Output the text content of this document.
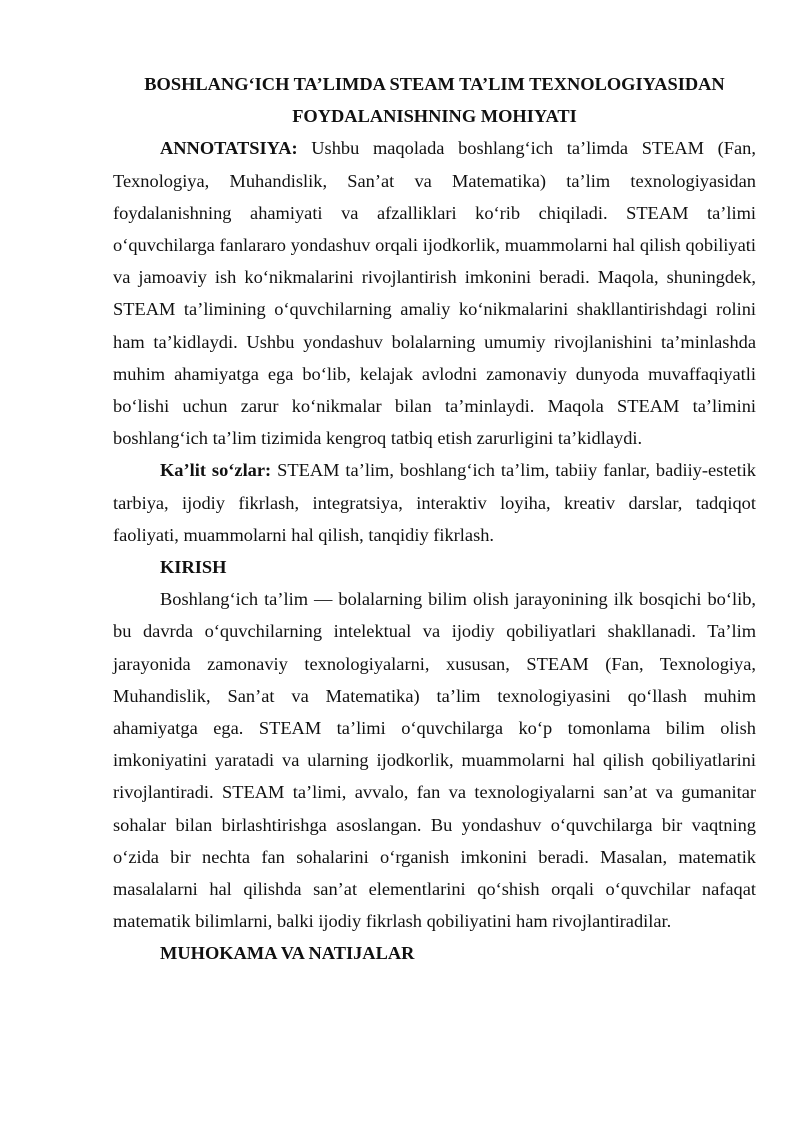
BOSHLANG‘ICH TA’LIMDA STEAM TA’LIM TEXNOLOGIYASIDAN
FOYDALANISHNING MOHIYATI

ANNOTATSIYA: Ushbu maqolada boshlang‘ich ta’limda STEAM (Fan, Texnologiya, Muhandislik, San’at va Matematika) ta’lim texnologiyasidan foydalanishning ahamiyati va afzalliklari ko‘rib chiqiladi. STEAM ta’limi o‘quvchilarga fanlararo yondashuv orqali ijodkorlik, muammolarni hal qilish qobiliyati va jamoaviy ish ko‘nikmalarini rivojlantirish imkonini beradi. Maqola, shuningdek, STEAM ta’limining o‘quvchilarning amaliy ko‘nikmalarini shakllantirishdagi rolini ham ta’kidlaydi. Ushbu yondashuv bolalarning umumiy rivojlanishini ta’minlashda muhim ahamiyatga ega bo‘lib, kelajak avlodni zamonaviy dunyoda muvaffaqiyatli bo‘lishi uchun zarur ko‘nikmalar bilan ta’minlaydi. Maqola STEAM ta’limini boshlang‘ich ta’lim tizimida kengroq tatbiq etish zarurligini ta’kidlaydi.

Ka’lit so‘zlar: STEAM ta’lim, boshlang‘ich ta’lim, tabiiy fanlar, badiiy-estetik tarbiya, ijodiy fikrlash, integratsiya, interaktiv loyiha, kreativ darslar, tadqiqot faoliyati, muammolarni hal qilish, tanqidiy fikrlash.

KIRISH

Boshlang‘ich ta’lim — bolalarning bilim olish jarayonining ilk bosqichi bo‘lib, bu davrda o‘quvchilarning intelektual va ijodiy qobiliyatlari shakllanadi. Ta’lim jarayonida zamonaviy texnologiyalarni, xususan, STEAM (Fan, Texnologiya, Muhandislik, San’at va Matematika) ta’lim texnologiyasini qo‘llash muhim ahamiyatga ega. STEAM ta’limi o‘quvchilarga ko‘p tomonlama bilim olish imkoniyatini yaratadi va ularning ijodkorlik, muammolarni hal qilish qobiliyatlarini rivojlantiradi. STEAM ta’limi, avvalo, fan va texnologiyalarni san’at va gumanitar sohalar bilan birlashtirishga asoslangan. Bu yondashuv o‘quvchilarga bir vaqtning o‘zida bir nechta fan sohalarini o‘rganish imkonini beradi. Masalan, matematik masalalarni hal qilishda san’at elementlarini qo‘shish orqali o‘quvchilar nafaqat matematik bilimlarni, balki ijodiy fikrlash qobiliyatini ham rivojlantiradilar.

MUHOKAMA VA NATIJALAR
